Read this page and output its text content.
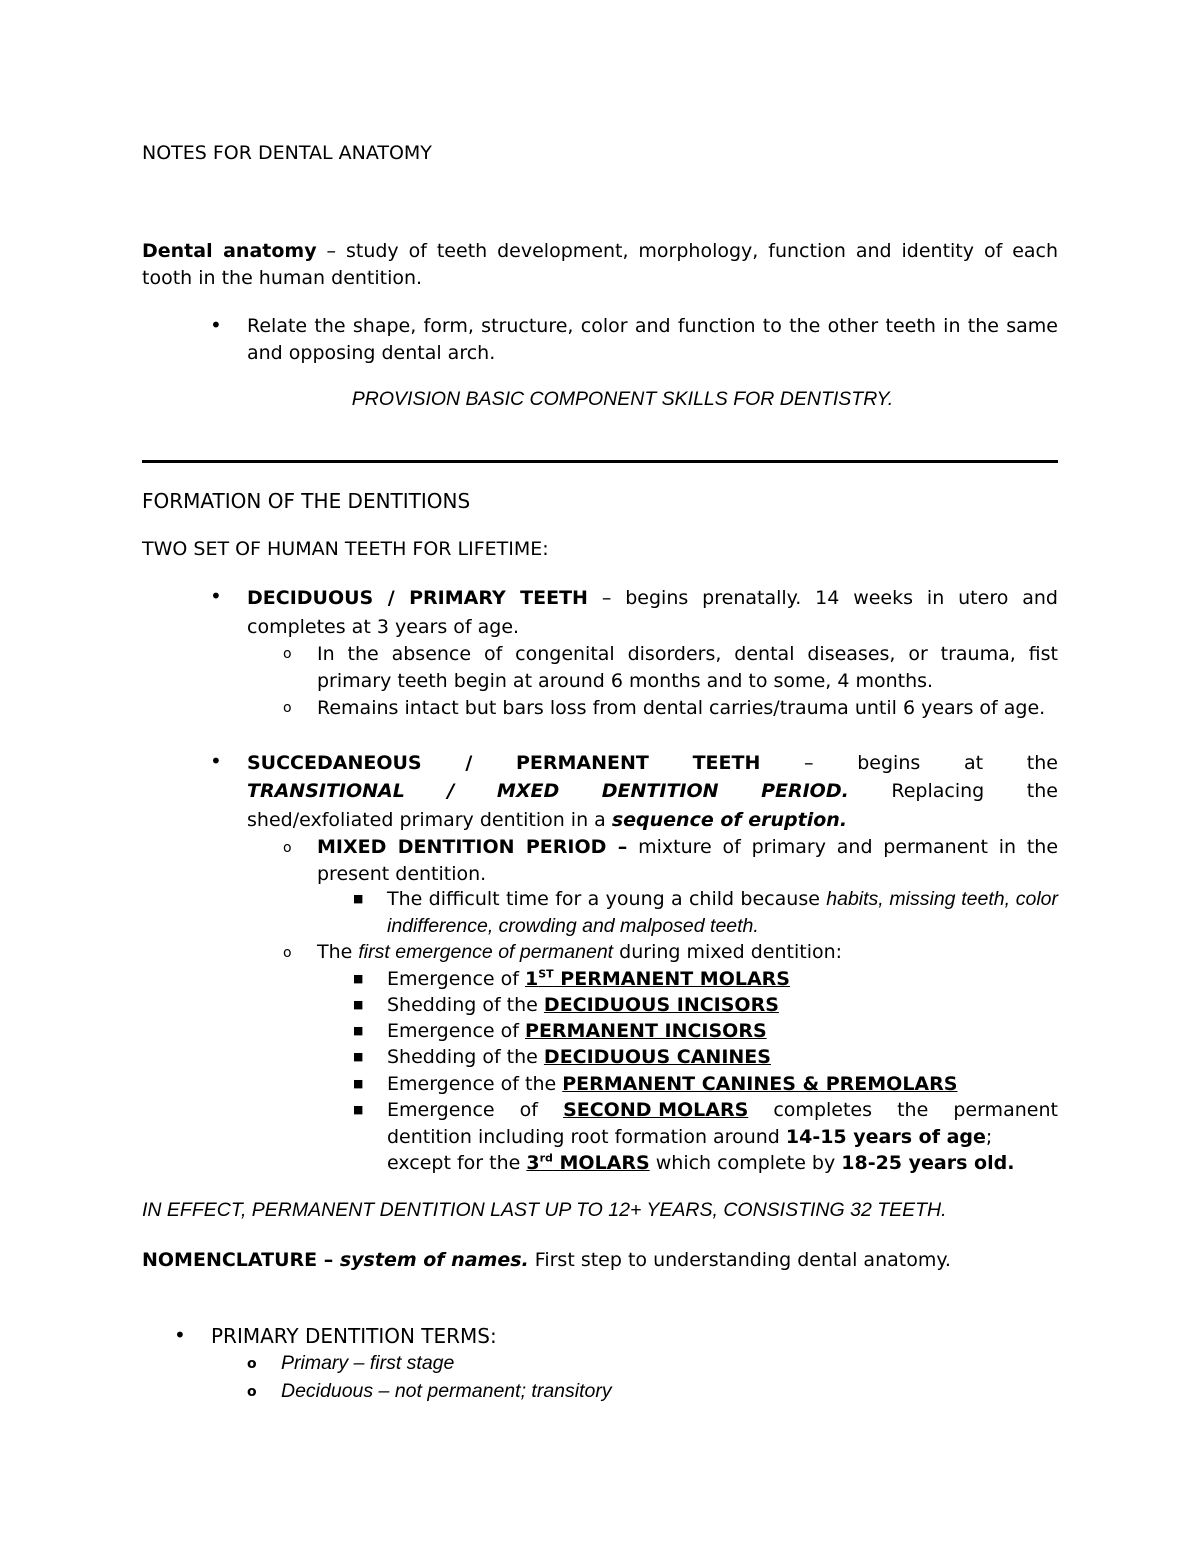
NOTES FOR DENTAL ANATOMY
Dental anatomy – study of teeth development, morphology, function and identity of each tooth in the human dentition.
• Relate the shape, form, structure, color and function to the other teeth in the same and opposing dental arch.
PROVISION BASIC COMPONENT SKILLS FOR DENTISTRY.
FORMATION OF THE DENTITIONS
TWO SET OF HUMAN TEETH FOR LIFETIME:
• DECIDUOUS / PRIMARY TEETH – begins prenatally. 14 weeks in utero and completes at 3 years of age.
o In the absence of congenital disorders, dental diseases, or trauma, fist primary teeth begin at around 6 months and to some, 4 months.
o Remains intact but bars loss from dental carries/trauma until 6 years of age.
• SUCCEDANEOUS / PERMANENT TEETH – begins at the
TRANSITIONAL / MXED DENTITION PERIOD. Replacing the
shed/exfoliated primary dentition in a sequence of eruption.
o MIXED DENTITION PERIOD – mixture of primary and permanent in the present dentition.
■ The difficult time for a young a child because habits, missing teeth, color indifference, crowding and malposed teeth.
o The first emergence of permanent during mixed dentition:
■ Emergence of 1ST PERMANENT MOLARS
■ Shedding of the DECIDUOUS INCISORS
■ Emergence of PERMANENT INCISORS
■ Shedding of the DECIDUOUS CANINES
■ Emergence of the PERMANENT CANINES & PREMOLARS
■ Emergence of SECOND MOLARS completes the permanent
dentition including root formation around 14-15 years of age;
except for the 3rd MOLARS which complete by 18-25 years old.
IN EFFECT, PERMANENT DENTITION LAST UP TO 12+ YEARS, CONSISTING 32 TEETH.
NOMENCLATURE – system of names. First step to understanding dental anatomy.
• PRIMARY DENTITION TERMS:
o Primary – first stage
o Deciduous – not permanent; transitory
